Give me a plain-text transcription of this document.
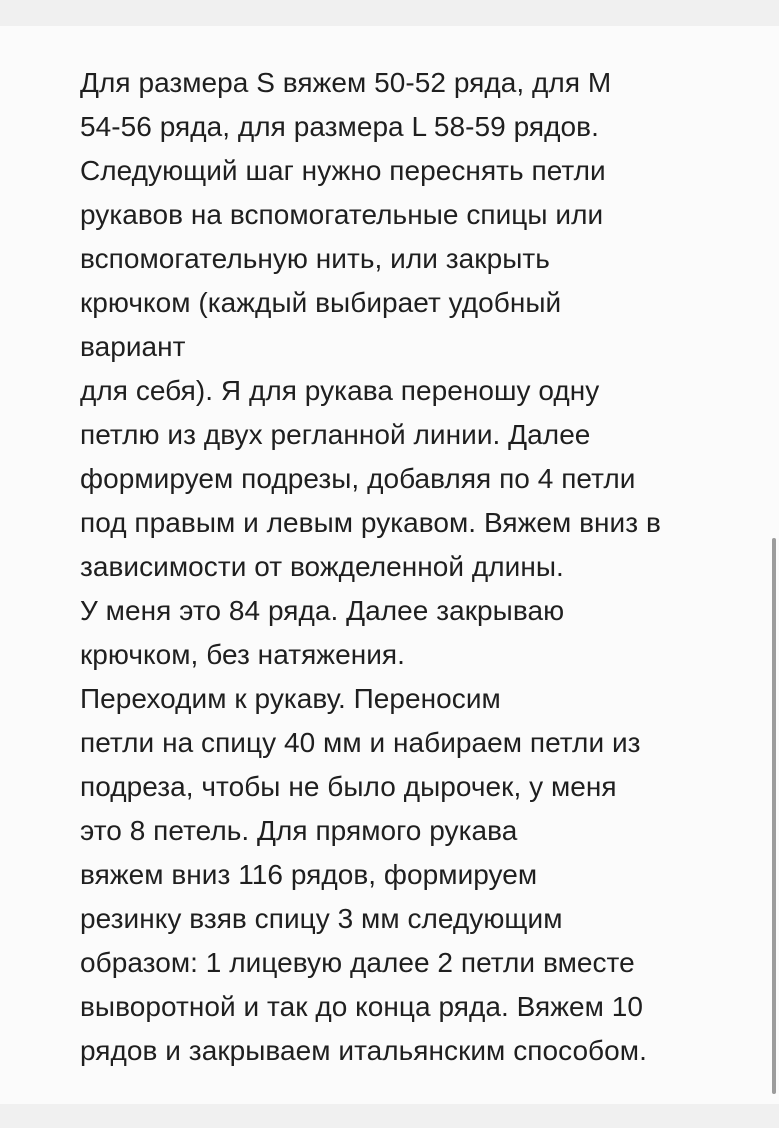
Для размера S вяжем 50-52 ряда, для М
54-56 ряда, для размера L 58-59 рядов.
Следующий шаг нужно переснять петли
рукавов на вспомогательные спицы или
вспомогательную нить, или закрыть
крючком (каждый выбирает удобный
вариант
для себя). Я для рукава переношу одну
петлю из двух регланной линии. Далее
формируем подрезы, добавляя по 4 петли
под правым и левым рукавом. Вяжем вниз в
зависимости от вожделенной длины.
У меня это 84 ряда. Далее закрываю
крючком, без натяжения.
Переходим к рукаву. Переносим
петли на спицу 40 мм и набираем петли из
подреза, чтобы не было дырочек, у меня
это 8 петель. Для прямого рукава
вяжем вниз 116 рядов, формируем
резинку взяв спицу 3 мм следующим
образом: 1 лицевую далее 2 петли вместе
выворотной и так до конца ряда. Вяжем 10
рядов и закрываем итальянским способом.
